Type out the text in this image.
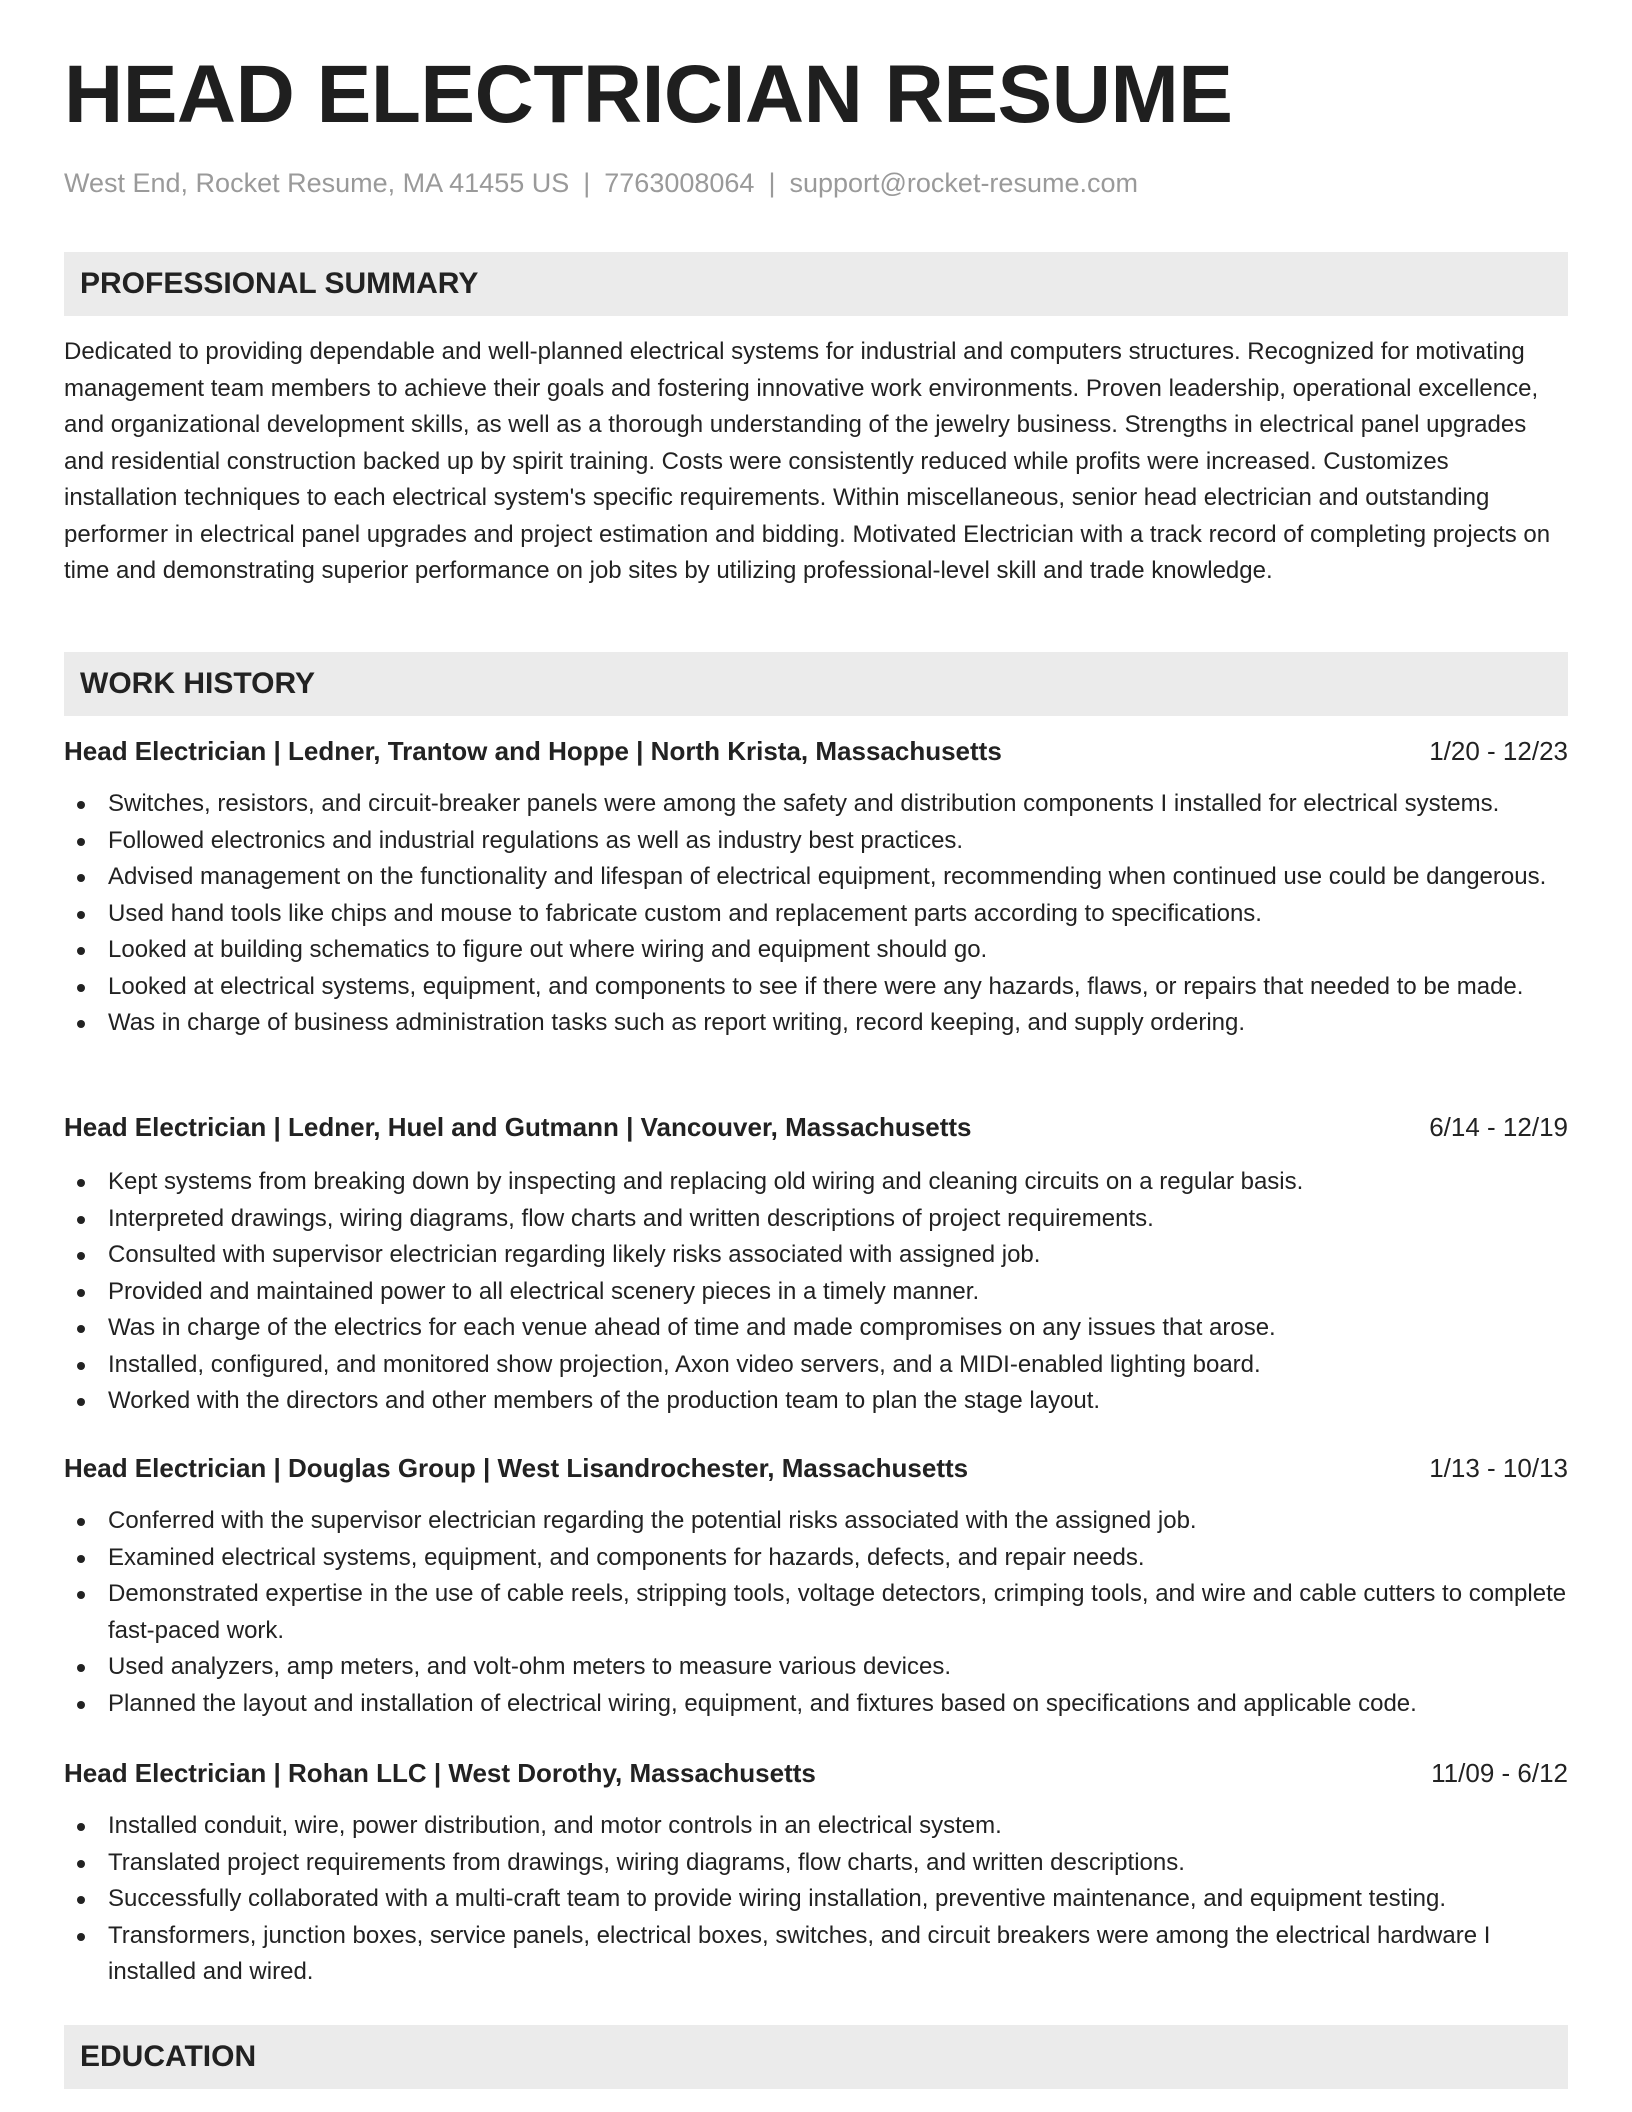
HEAD ELECTRICIAN RESUME
West End, Rocket Resume, MA 41455 US | 7763008064 | support@rocket-resume.com
PROFESSIONAL SUMMARY

Dedicated to providing dependable and well-planned electrical systems for industrial and computers structures. Recognized for motivating management team members to achieve their goals and fostering innovative work environments. Proven leadership, operational excellence, and organizational development skills, as well as a thorough understanding of the jewelry business. Strengths in electrical panel upgrades and residential construction backed up by spirit training. Costs were consistently reduced while profits were increased. Customizes installation techniques to each electrical system's specific requirements. Within miscellaneous, senior head electrician and outstanding performer in electrical panel upgrades and project estimation and bidding. Motivated Electrician with a track record of completing projects on time and demonstrating superior performance on job sites by utilizing professional-level skill and trade knowledge.

WORK HISTORY
Head Electrician | Ledner, Trantow and Hoppe | North Krista, Massachusetts	1/20 - 12/23
Switches, resistors, and circuit-breaker panels were among the safety and distribution components I installed for electrical systems.
Followed electronics and industrial regulations as well as industry best practices.
Advised management on the functionality and lifespan of electrical equipment, recommending when continued use could be dangerous.
Used hand tools like chips and mouse to fabricate custom and replacement parts according to specifications.
Looked at building schematics to figure out where wiring and equipment should go.
Looked at electrical systems, equipment, and components to see if there were any hazards, flaws, or repairs that needed to be made.
Was in charge of business administration tasks such as report writing, record keeping, and supply ordering.
Head Electrician | Ledner, Huel and Gutmann | Vancouver, Massachusetts	6/14 - 12/19
Kept systems from breaking down by inspecting and replacing old wiring and cleaning circuits on a regular basis.
Interpreted drawings, wiring diagrams, flow charts and written descriptions of project requirements.
Consulted with supervisor electrician regarding likely risks associated with assigned job.
Provided and maintained power to all electrical scenery pieces in a timely manner.
Was in charge of the electrics for each venue ahead of time and made compromises on any issues that arose.
Installed, configured, and monitored show projection, Axon video servers, and a MIDI-enabled lighting board.
Worked with the directors and other members of the production team to plan the stage layout.
Head Electrician | Douglas Group | West Lisandrochester, Massachusetts	1/13 - 10/13
Conferred with the supervisor electrician regarding the potential risks associated with the assigned job.
Examined electrical systems, equipment, and components for hazards, defects, and repair needs.
Demonstrated expertise in the use of cable reels, stripping tools, voltage detectors, crimping tools, and wire and cable cutters to complete fast-paced work.
Used analyzers, amp meters, and volt-ohm meters to measure various devices.
Planned the layout and installation of electrical wiring, equipment, and fixtures based on specifications and applicable code.
Head Electrician | Rohan LLC | West Dorothy, Massachusetts	11/09 - 6/12
Installed conduit, wire, power distribution, and motor controls in an electrical system.
Translated project requirements from drawings, wiring diagrams, flow charts, and written descriptions.
Successfully collaborated with a multi-craft team to provide wiring installation, preventive maintenance, and equipment testing.
Transformers, junction boxes, service panels, electrical boxes, switches, and circuit breakers were among the electrical hardware I installed and wired.
EDUCATION
